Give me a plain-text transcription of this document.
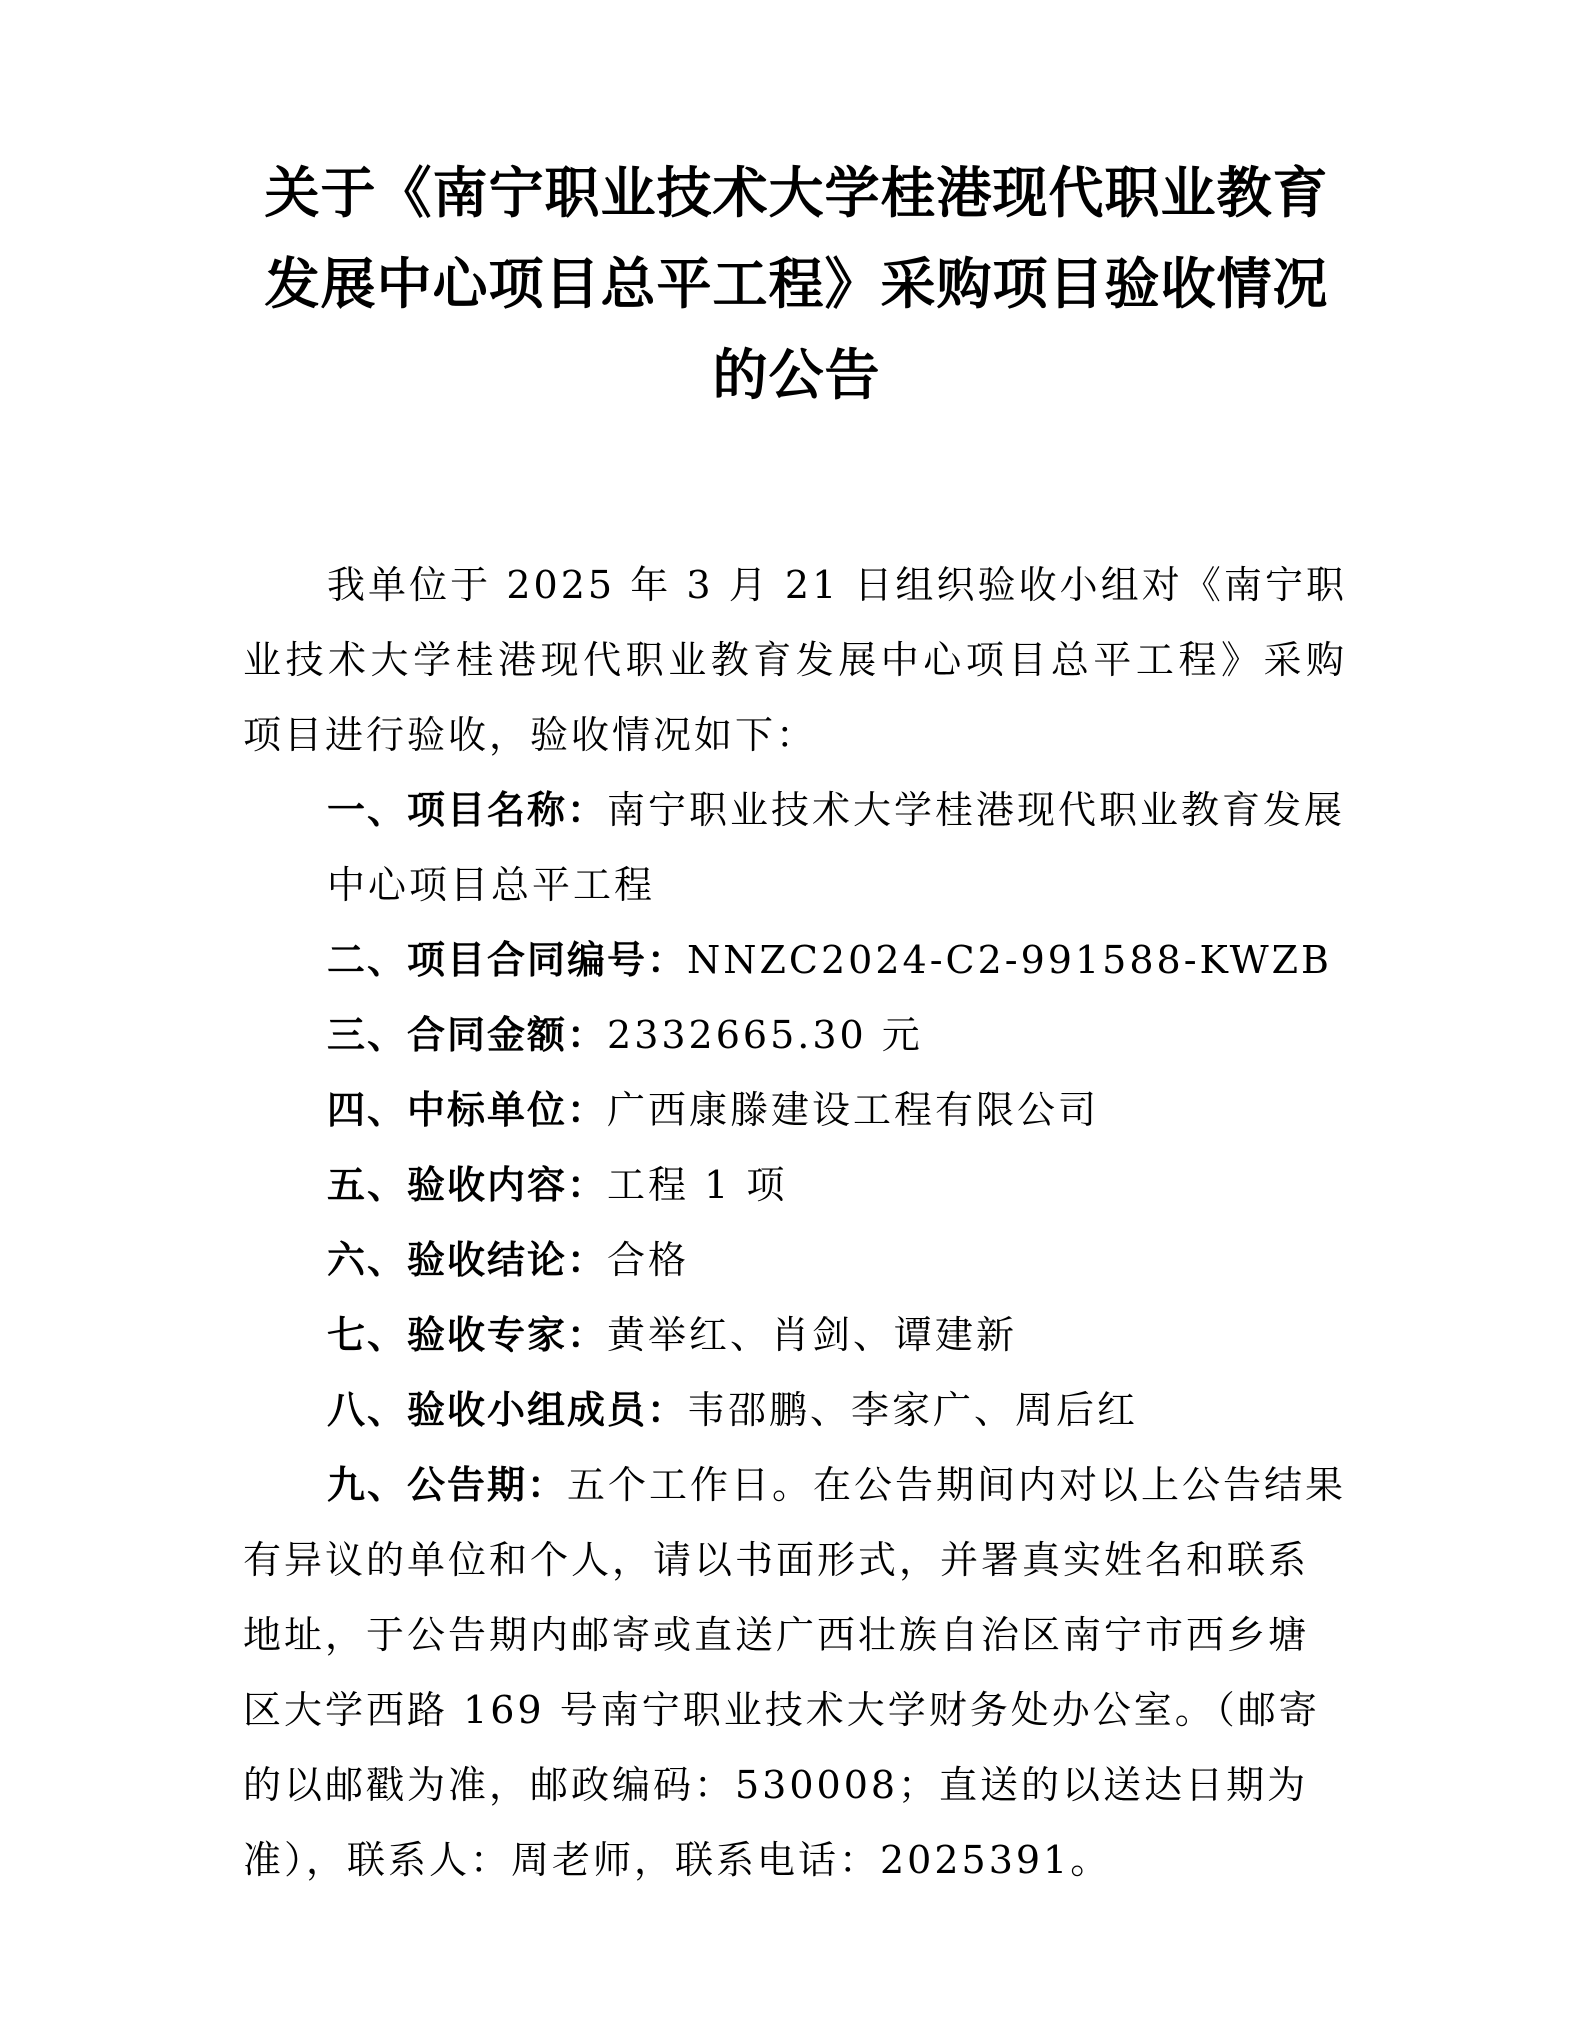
关于《南宁职业技术大学桂港现代职业教育
发展中心项目总平工程》采购项目验收情况
的公告

我单位于 2025 年 3 月 21 日组织验收小组对《南宁职业技术大学桂港现代职业教育发展中心项目总平工程》采购项目进行验收，验收情况如下：

一、项目名称：南宁职业技术大学桂港现代职业教育发展中心项目总平工程

二、项目合同编号：NNZC2024-C2-991588-KWZB

三、合同金额：2332665.30 元

四、中标单位：广西康滕建设工程有限公司

五、验收内容：工程 1 项

六、验收结论：合格

七、验收专家：黄举红、肖剑、谭建新

八、验收小组成员：韦邵鹏、李家广、周后红

九、公告期：五个工作日。在公告期间内对以上公告结果有异议的单位和个人，请以书面形式，并署真实姓名和联系地址，于公告期内邮寄或直送广西壮族自治区南宁市西乡塘区大学西路 169 号南宁职业技术大学财务处办公室。（邮寄的以邮戳为准，邮政编码：530008；直送的以送达日期为准），联系人：周老师，联系电话：2025391。
